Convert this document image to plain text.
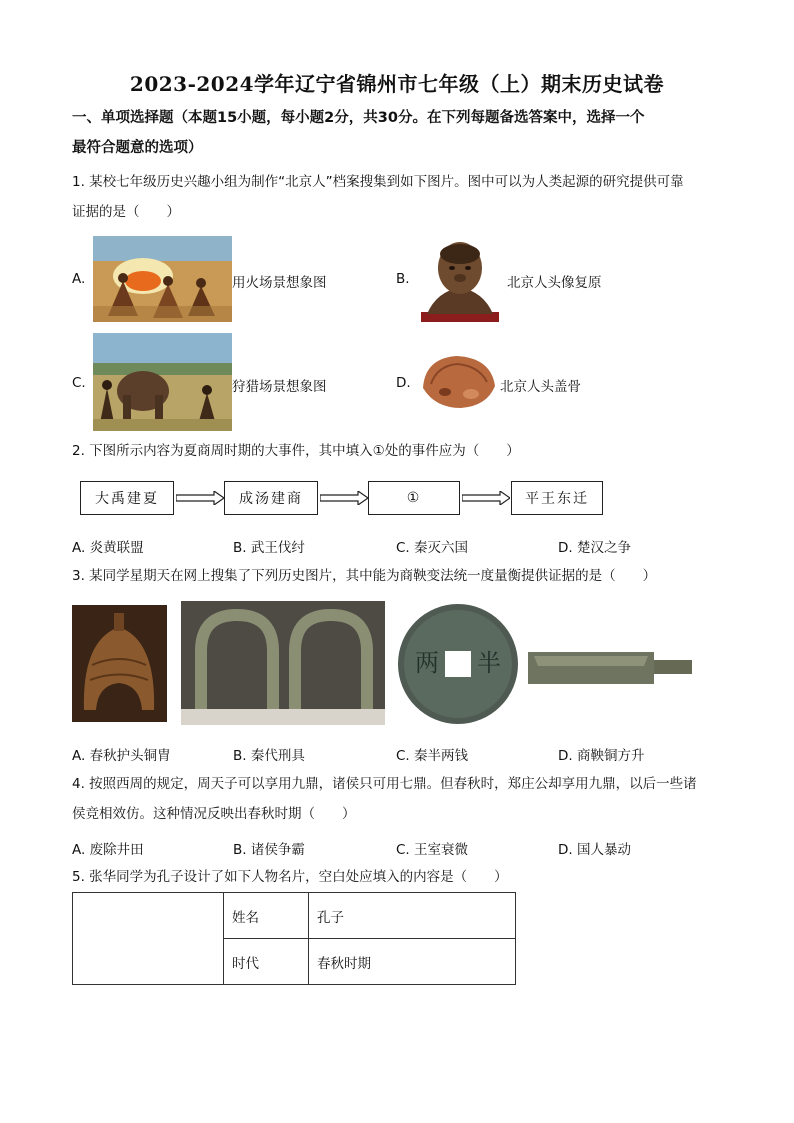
2023-2024学年辽宁省锦州市七年级（上）期末历史试卷
一、单项选择题（本题15小题，每小题2分，共30分。在下列每题备选答案中，选择一个
最符合题意的选项）
1. 某校七年级历史兴趣小组为制作“北京人”档案搜集到如下图片。图中可以为人类起源的研究提供可靠
证据的是（　　）
A.	用火场景想象图	B.	北京人头像复原
C.	狩猎场景想象图	D.	北京人头盖骨
2. 下图所示内容为夏商周时期的大事件，其中填入①处的事件应为（　　）
大禹建夏	成汤建商	①	平王东迁
A. 炎黄联盟	B. 武王伐纣	C. 秦灭六国	D. 楚汉之争
3. 某同学星期天在网上搜集了下列历史图片，其中能为商鞅变法统一度量衡提供证据的是（　　）
半
两
A. 春秋护头铜胄	B. 秦代刑具	C. 秦半两钱	D. 商鞅铜方升
4. 按照西周的规定，周天子可以享用九鼎，诸侯只可用七鼎。但春秋时，郑庄公却享用九鼎，以后一些诸
侯竞相效仿。这种情况反映出春秋时期（　　）
A. 废除井田	B. 诸侯争霸	C. 王室衰微	D. 国人暴动
5. 张华同学为孔子设计了如下人物名片，空白处应填入的内容是（　　）
	姓名	孔子
	时代	春秋时期
